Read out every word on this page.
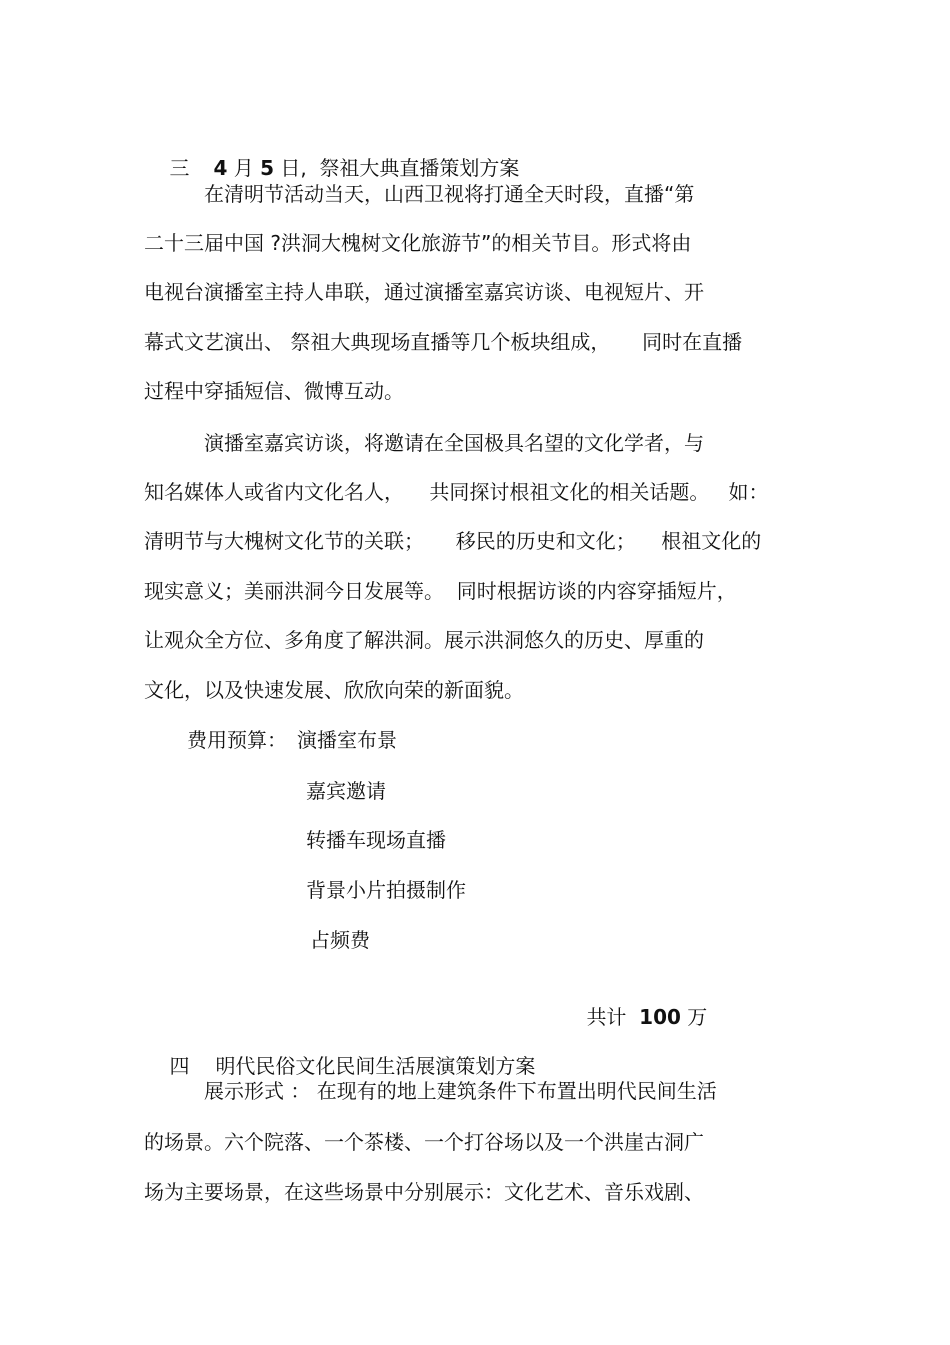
三 4 月 5 日, 祭祖大典直播策划方案

在清明节活动当天，山西卫视将打通全天时段，直播“第
二十三届中国 ?洪洞大槐树文化旅游节”的相关节目。形式将由
电视台演播室主持人串联，通过演播室嘉宾访谈、电视短片、开
幕式文艺演出、 祭祖大典现场直播等几个板块组成，     同时在直播
过程中穿插短信、微博互动。
演播室嘉宾访谈，将邀请在全国极具名望的文化学者，与
知名媒体人或省内文化名人，    共同探讨根祖文化的相关话题。   如：
清明节与大槐树文化节的关联；     移民的历史和文化；    根祖文化的
现实意义；美丽洪洞今日发展等。  同时根据访谈的内容穿插短片，
让观众全方位、多角度了解洪洞。展示洪洞悠久的历史、厚重的
文化，以及快速发展、欣欣向荣的新面貌。
费用预算： 演播室布景
嘉宾邀请
转播车现场直播
背景小片拍摄制作
占频费

共计 100 万

四 明代民俗文化民间生活展演策划方案

展示形式 ： 在现有的地上建筑条件下布置出明代民间生活
的场景。六个院落、一个茶楼、一个打谷场以及一个洪崖古洞广
场为主要场景，在这些场景中分别展示：文化艺术、音乐戏剧、
